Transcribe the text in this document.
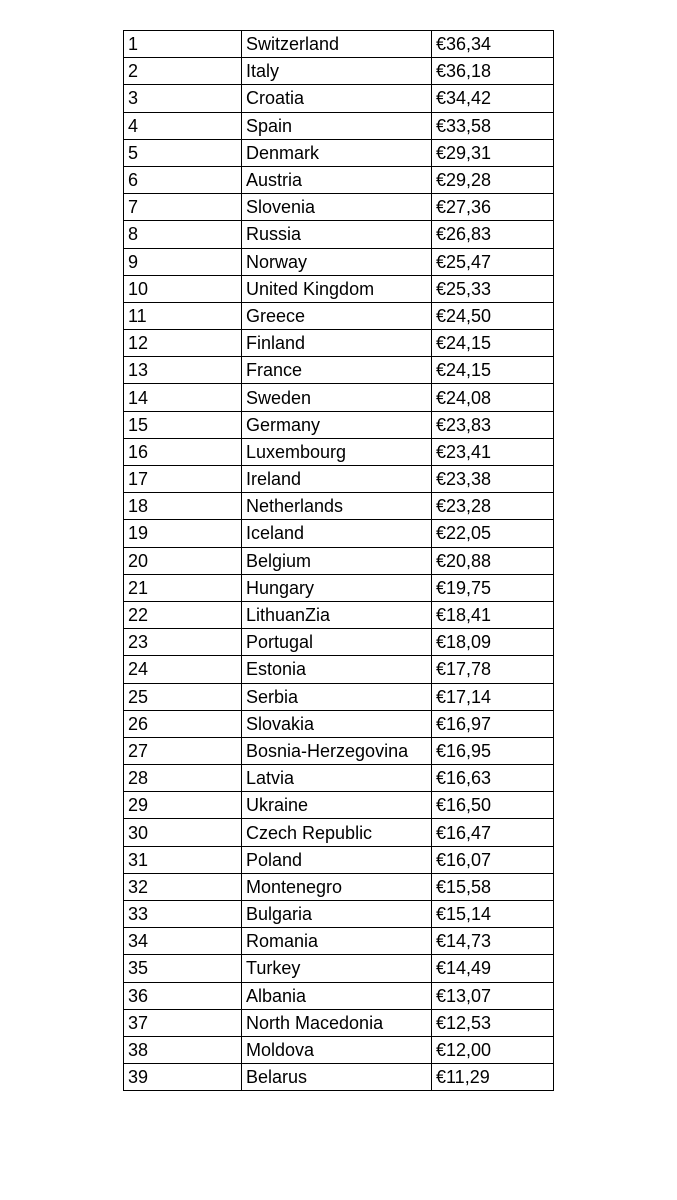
1	Switzerland	€36,34
2	Italy	€36,18
3	Croatia	€34,42
4	Spain	€33,58
5	Denmark	€29,31
6	Austria	€29,28
7	Slovenia	€27,36
8	Russia	€26,83
9	Norway	€25,47
10	United Kingdom	€25,33
11	Greece	€24,50
12	Finland	€24,15
13	France	€24,15
14	Sweden	€24,08
15	Germany	€23,83
16	Luxembourg	€23,41
17	Ireland	€23,38
18	Netherlands	€23,28
19	Iceland	€22,05
20	Belgium	€20,88
21	Hungary	€19,75
22	LithuanZia	€18,41
23	Portugal	€18,09
24	Estonia	€17,78
25	Serbia	€17,14
26	Slovakia	€16,97
27	Bosnia-Herzegovina	€16,95
28	Latvia	€16,63
29	Ukraine	€16,50
30	Czech Republic	€16,47
31	Poland	€16,07
32	Montenegro	€15,58
33	Bulgaria	€15,14
34	Romania	€14,73
35	Turkey	€14,49
36	Albania	€13,07
37	North Macedonia	€12,53
38	Moldova	€12,00
39	Belarus	€11,29
